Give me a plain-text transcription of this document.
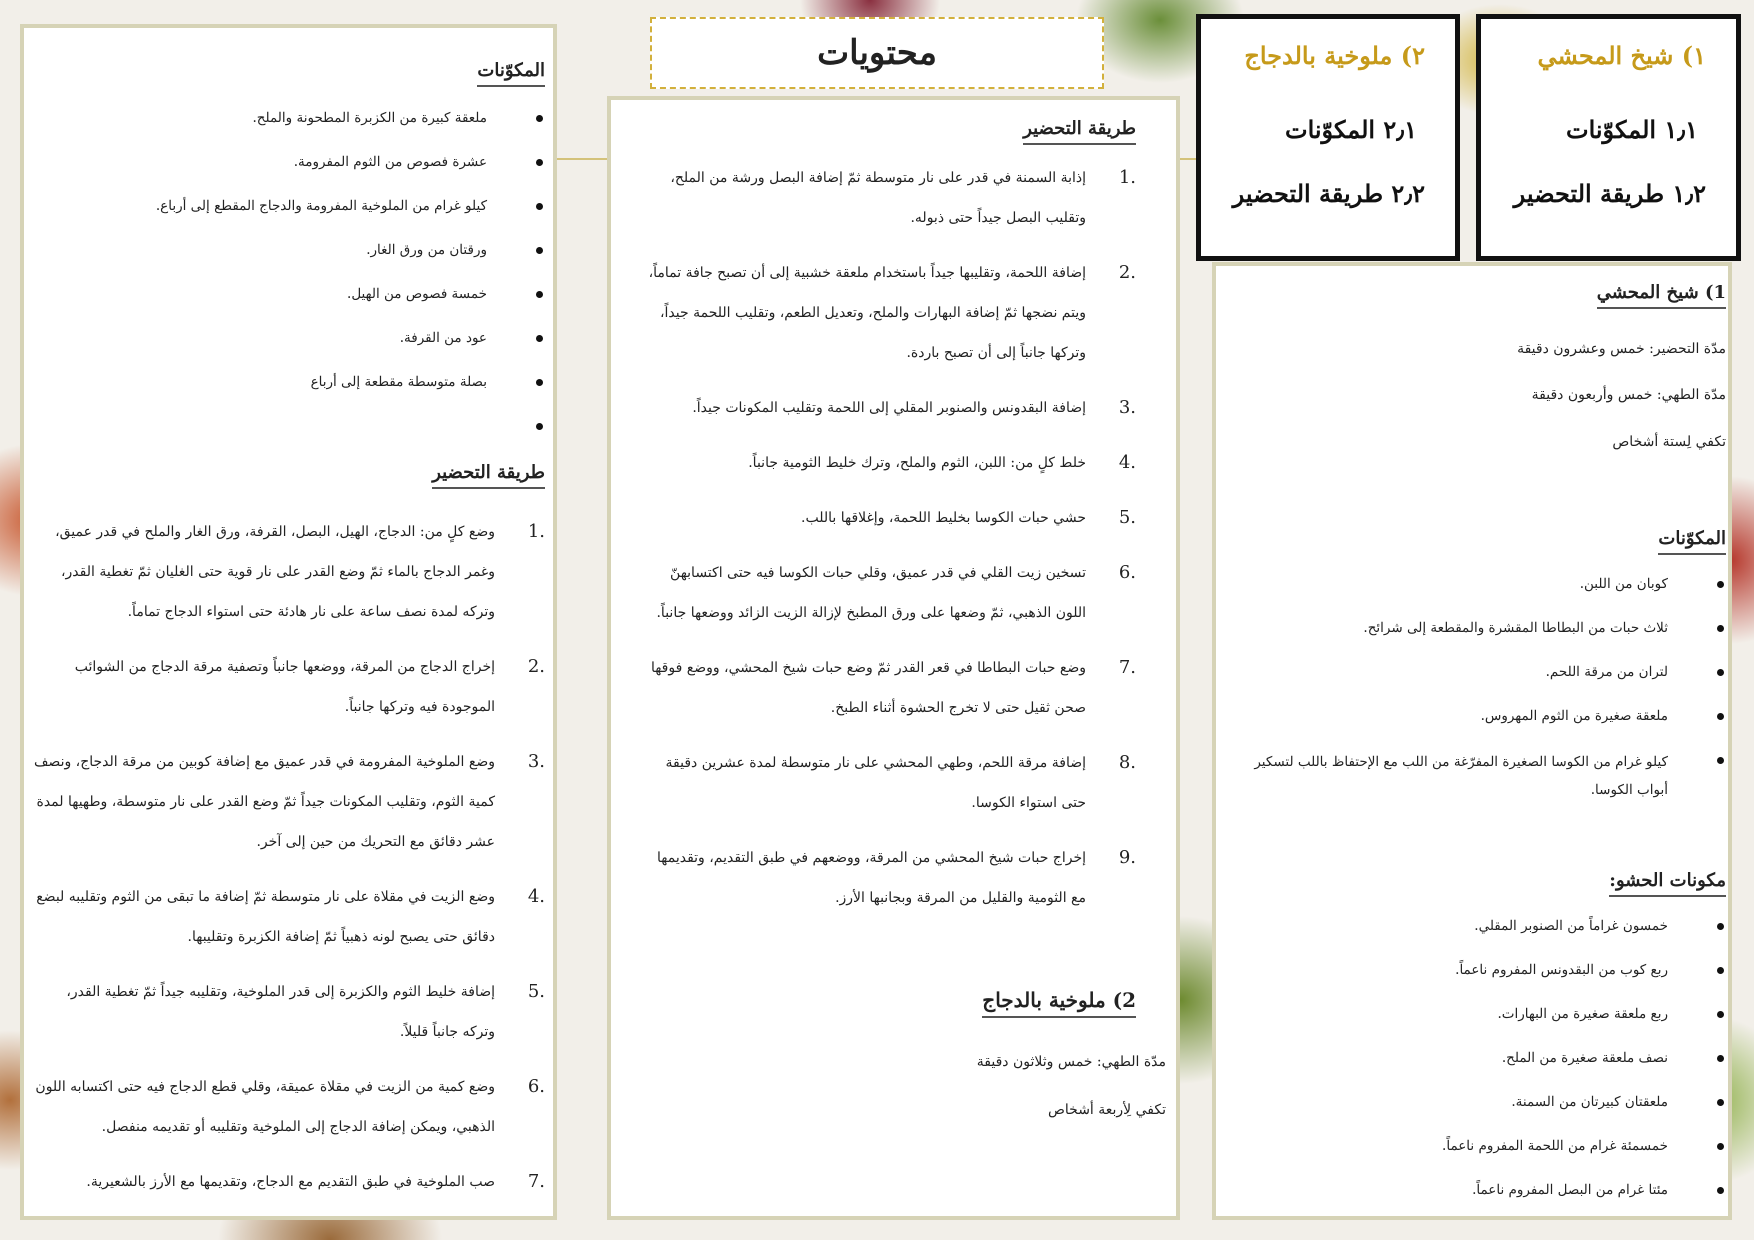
محتويات	١) شيخ المحشي
١٫١ المكوّنات
١٫٢ طريقة التحضير
٢) ملوخية بالدجاج
٢٫١ المكوّنات
٢٫٢ طريقة التحضير
1) شيخ المحشي
مدّة التحضير: خمس وعشرون دقيقة
مدّة الطهي: خمس وأربعون دقيقة
تكفي لِستة أشخاص
المكوّنات
كوبان من اللبن.
ثلاث حبات من البطاطا المقشرة والمقطعة إلى شرائح.
لتران من مرقة اللحم.
ملعقة صغيرة من الثوم المهروس.
كيلو غرام من الكوسا الصغيرة المفرّغة من اللب مع الإحتفاظ باللب لتسكير أبواب الكوسا.
مكونات الحشو:
خمسون غراماً من الصنوبر المقلي.
ربع كوب من البقدونس المفروم ناعماً.
ربع ملعقة صغيرة من البهارات.
نصف ملعقة صغيرة من الملح.
ملعقتان كبيرتان من السمنة.
خمسمئة غرام من اللحمة المفروم ناعماً.
مئتا غرام من البصل المفروم ناعماً.
طريقة التحضير
1.
إذابة السمنة في قدر على نار متوسطة ثمّ إضافة البصل ورشة من الملح، وتقليب البصل جيداً حتى ذبوله.
2.
إضافة اللحمة، وتقليبها جيداً باستخدام ملعقة خشبية إلى أن تصبح جافة تماماً، ويتم نضجها ثمّ إضافة البهارات والملح، وتعديل الطعم، وتقليب اللحمة جيداً، وتركها جانباً إلى أن تصبح باردة.
3.
إضافة البقدونس والصنوبر المقلي إلى اللحمة وتقليب المكونات جيداً.
4.
خلط كلٍ من: اللبن، الثوم والملح، وترك خليط الثومية جانباً.
5.
حشي حبات الكوسا بخليط اللحمة، وإغلاقها باللب.
6.
تسخين زيت القلي في قدر عميق، وقلي حبات الكوسا فيه حتى اكتسابهنّ اللون الذهبي، ثمّ وضعها على ورق المطبخ لإزالة الزيت الزائد ووضعها جانباً.
7.
وضع حبات البطاطا في قعر القدر ثمّ وضع حبات شيخ المحشي، ووضع فوقها صحن ثقيل حتى لا تخرج الحشوة أثناء الطبخ.
8.
إضافة مرقة اللحم، وطهي المحشي على نار متوسطة لمدة عشرين دقيقة حتى استواء الكوسا.
9.
إخراج حبات شيخ المحشي من المرقة، ووضعهم في طبق التقديم، وتقديمها مع الثومية والقليل من المرقة وبجانبها الأرز.
2) ملوخية بالدجاج
مدّة الطهي: خمس وثلاثون دقيقة
تكفي لِأربعة أشخاص
المكوّنات
ملعقة كبيرة من الكزبرة المطحونة والملح.
عشرة فصوص من الثوم المفرومة.
كيلو غرام من الملوخية المفرومة والدجاج المقطع إلى أرباع.
ورقتان من ورق الغار.
خمسة فصوص من الهيل.
عود من القرفة.
بصلة متوسطة مقطعة إلى أرباع
طريقة التحضير
1.
وضع كلٍ من: الدجاج، الهيل، البصل، القرفة، ورق الغار والملح في قدر عميق، وغمر الدجاج بالماء ثمّ وضع القدر على نار قوية حتى الغليان ثمّ تغطية القدر، وتركه لمدة نصف ساعة على نار هادئة حتى استواء الدجاج تماماً.
2.
إخراج الدجاج من المرقة، ووضعها جانباً وتصفية مرقة الدجاج من الشوائب الموجودة فيه وتركها جانباً.
3.
وضع الملوخية المفرومة في قدر عميق مع إضافة كوبين من مرقة الدجاج، ونصف كمية الثوم، وتقليب المكونات جيداً ثمّ وضع القدر على نار متوسطة، وطهيها لمدة عشر دقائق مع التحريك من حين إلى آخر.
4.
وضع الزيت في مقلاة على نار متوسطة ثمّ إضافة ما تبقى من الثوم وتقليبه لبضع دقائق حتى يصبح لونه ذهبياً ثمّ إضافة الكزبرة وتقليبها.
5.
إضافة خليط الثوم والكزبرة إلى قدر الملوخية، وتقليبه جيداً ثمّ تغطية القدر، وتركه جانباً قليلاً.
6.
وضع كمية من الزيت في مقلاة عميقة، وقلي قطع الدجاج فيه حتى اكتسابه اللون الذهبي، ويمكن إضافة الدجاج إلى الملوخية وتقليبه أو تقديمه منفصل.
7.
صب الملوخية في طبق التقديم مع الدجاج، وتقديمها مع الأرز بالشعيرية.
